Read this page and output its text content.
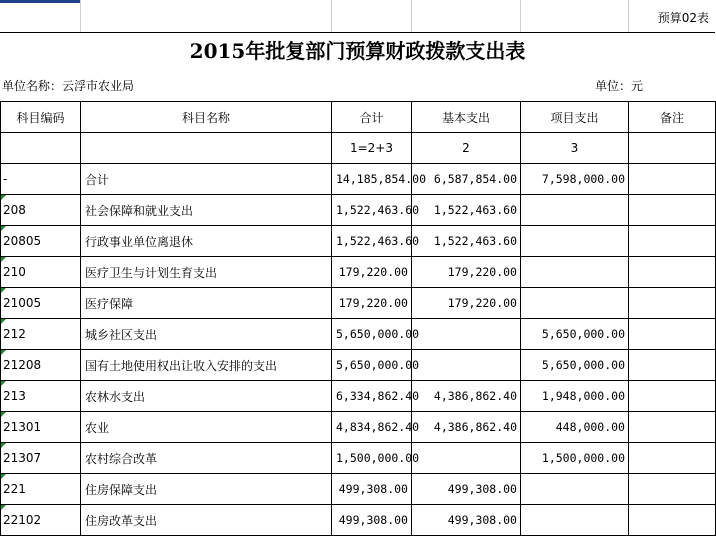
预算02表
2015年批复部门预算财政拨款支出表
单位名称：云浮市农业局	单位：元
科目编码	科目名称	合计	基本支出	项目支出	备注
		1=2+3	2	3	
-	合计	14,185,854.00	6,587,854.00	7,598,000.00	
208	社会保障和就业支出	1,522,463.60	1,522,463.60		
20805	行政事业单位离退休	1,522,463.60	1,522,463.60		
210	医疗卫生与计划生育支出	179,220.00	179,220.00		
21005	医疗保障	179,220.00	179,220.00		
212	城乡社区支出	5,650,000.00		5,650,000.00	
21208	国有土地使用权出让收入安排的支出	5,650,000.00		5,650,000.00	
213	农林水支出	6,334,862.40	4,386,862.40	1,948,000.00	
21301	农业	4,834,862.40	4,386,862.40	448,000.00	
21307	农村综合改革	1,500,000.00		1,500,000.00	
221	住房保障支出	499,308.00	499,308.00		
22102	住房改革支出	499,308.00	499,308.00		
